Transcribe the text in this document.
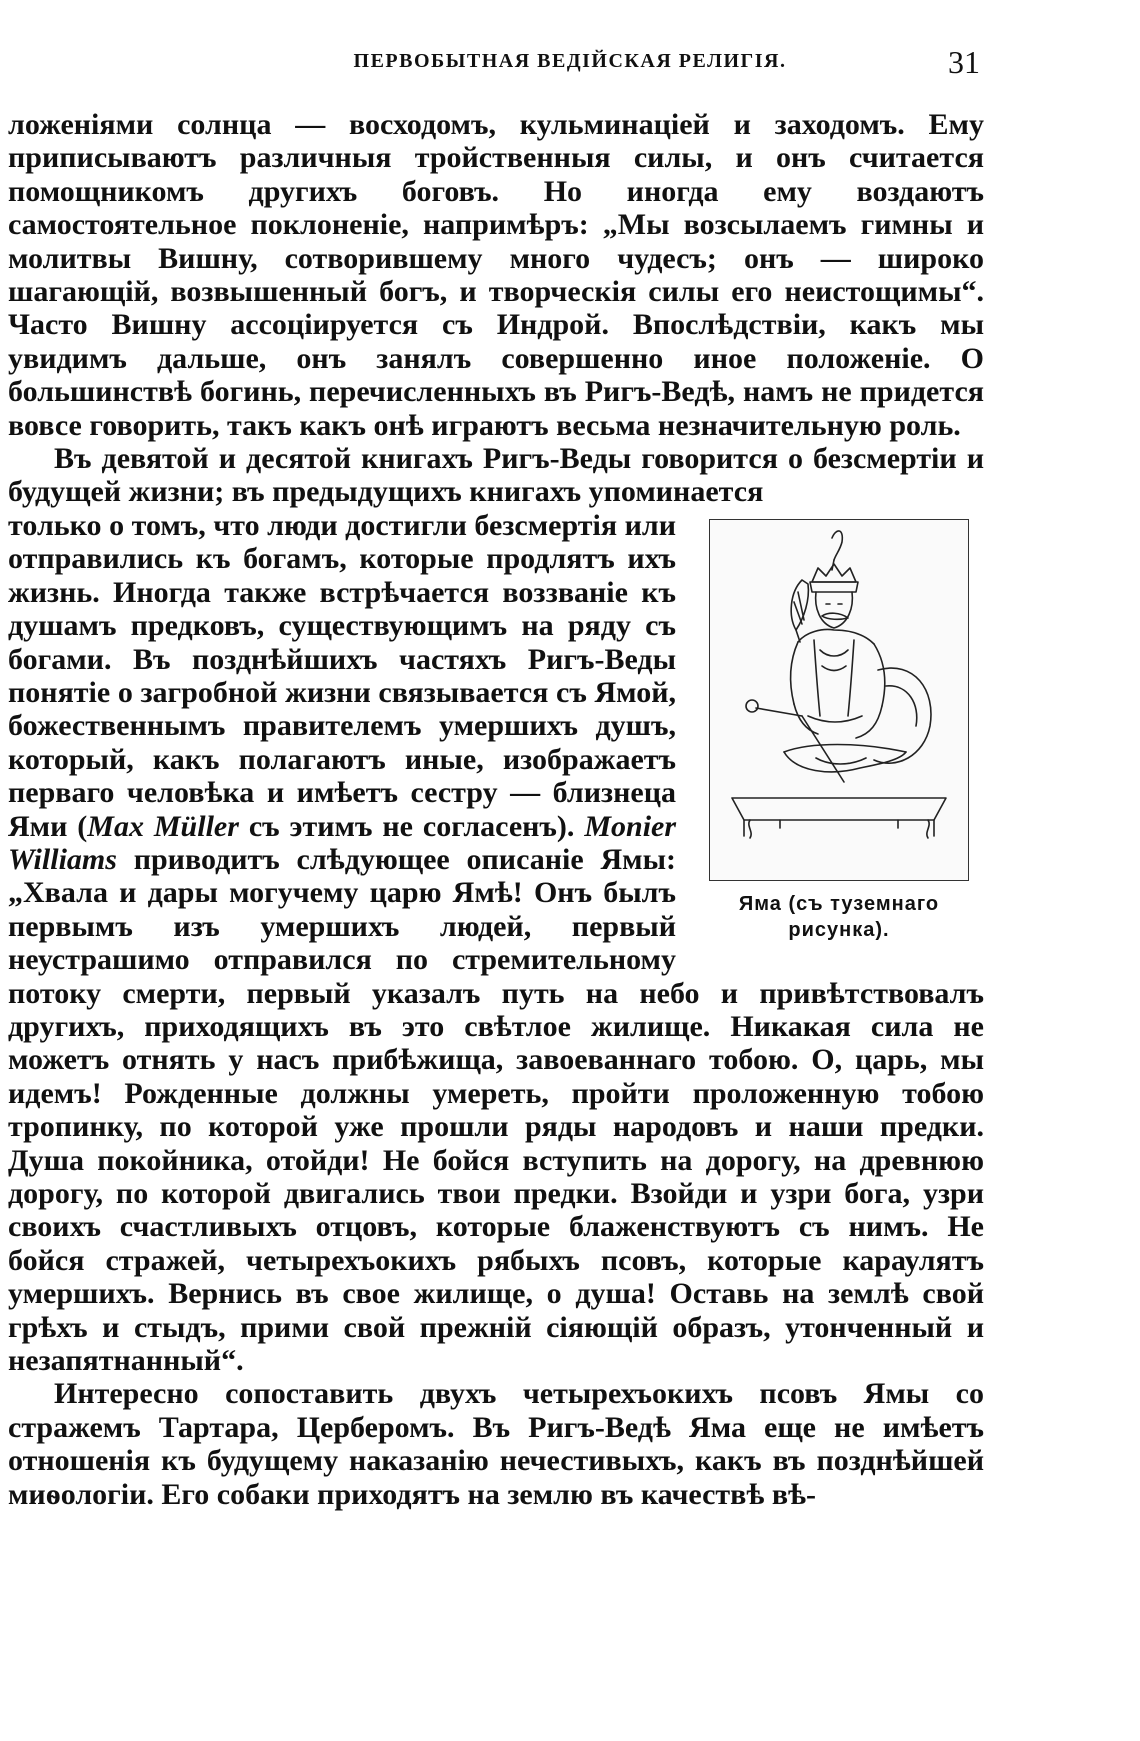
ПЕРВОБЫТНАЯ ВЕДІЙСКАЯ РЕЛИГІЯ.	31

ложеніями солнца — восходомъ, кульминаціей и заходомъ. Ему приписываютъ различныя тройственныя силы, и онъ считается помощникомъ другихъ боговъ. Но иногда ему воздаютъ самостоятельное поклоненіе, напримѣръ: „Мы возсылаемъ гимны и молитвы Вишну, сотворившему много чудесъ; онъ — широко шагающій, возвышенный богъ, и творческія силы его неистощимы“. Часто Вишну ассоціируется съ Индрой. Впослѣдствіи, какъ мы увидимъ дальше, онъ занялъ совершенно иное положеніе. О большинствѣ богинь, перечисленныхъ въ Ригъ-Ведѣ, намъ не придется вовсе говорить, такъ какъ онѣ играютъ весьма незначительную роль.

Въ девятой и десятой книгахъ Ригъ-Веды говорится о безсмертіи и будущей жизни; въ предыдущихъ книгахъ упоминается

Яма (съ туземнаго рисунка).

только о томъ, что люди достигли безсмертія или отправились къ богамъ, которые продлятъ ихъ жизнь. Иногда также встрѣчается воззваніе къ душамъ предковъ, существующимъ на ряду съ богами. Въ позднѣйшихъ частяхъ Ригъ-Веды понятіе о загробной жизни связывается съ Ямой, божественнымъ правителемъ умершихъ душъ, который, какъ полагаютъ иные, изображаетъ перваго человѣка и имѣетъ сестру — близнеца Ями (Max Müller съ этимъ не согласенъ). Monier Williams приводитъ слѣдующее описаніе Ямы: „Хвала и дары могучему царю Ямѣ! Онъ былъ первымъ изъ умершихъ людей, первый неустрашимо отправился по стремительному потоку смерти, первый указалъ путь на небо и привѣтствовалъ другихъ, приходящихъ въ это свѣтлое жилище. Никакая сила не можетъ отнять у насъ прибѣжища, завоеваннаго тобою. О, царь, мы идемъ! Рожденные должны умереть, пройти проложенную тобою тропинку, по которой уже прошли ряды народовъ и наши предки. Душа покойника, отойди! Не бойся вступить на дорогу, на древнюю дорогу, по которой двигались твои предки. Взойди и узри бога, узри своихъ счастливыхъ отцовъ, которые блаженствуютъ съ нимъ. Не бойся стражей, четырехъокихъ рябыхъ псовъ, которые караулятъ умершихъ. Вернись въ свое жилище, о душа! Оставь на землѣ свой грѣхъ и стыдъ, прими свой прежній сіяющій образъ, утонченный и незапятнанный“.

Интересно сопоставить двухъ четырехъокихъ псовъ Ямы со стражемъ Тартара, Церберомъ. Въ Ригъ-Ведѣ Яма еще не имѣетъ отношенія къ будущему наказанію нечестивыхъ, какъ въ позднѣйшей миѳологіи. Его собаки приходятъ на землю въ качествѣ вѣ-
